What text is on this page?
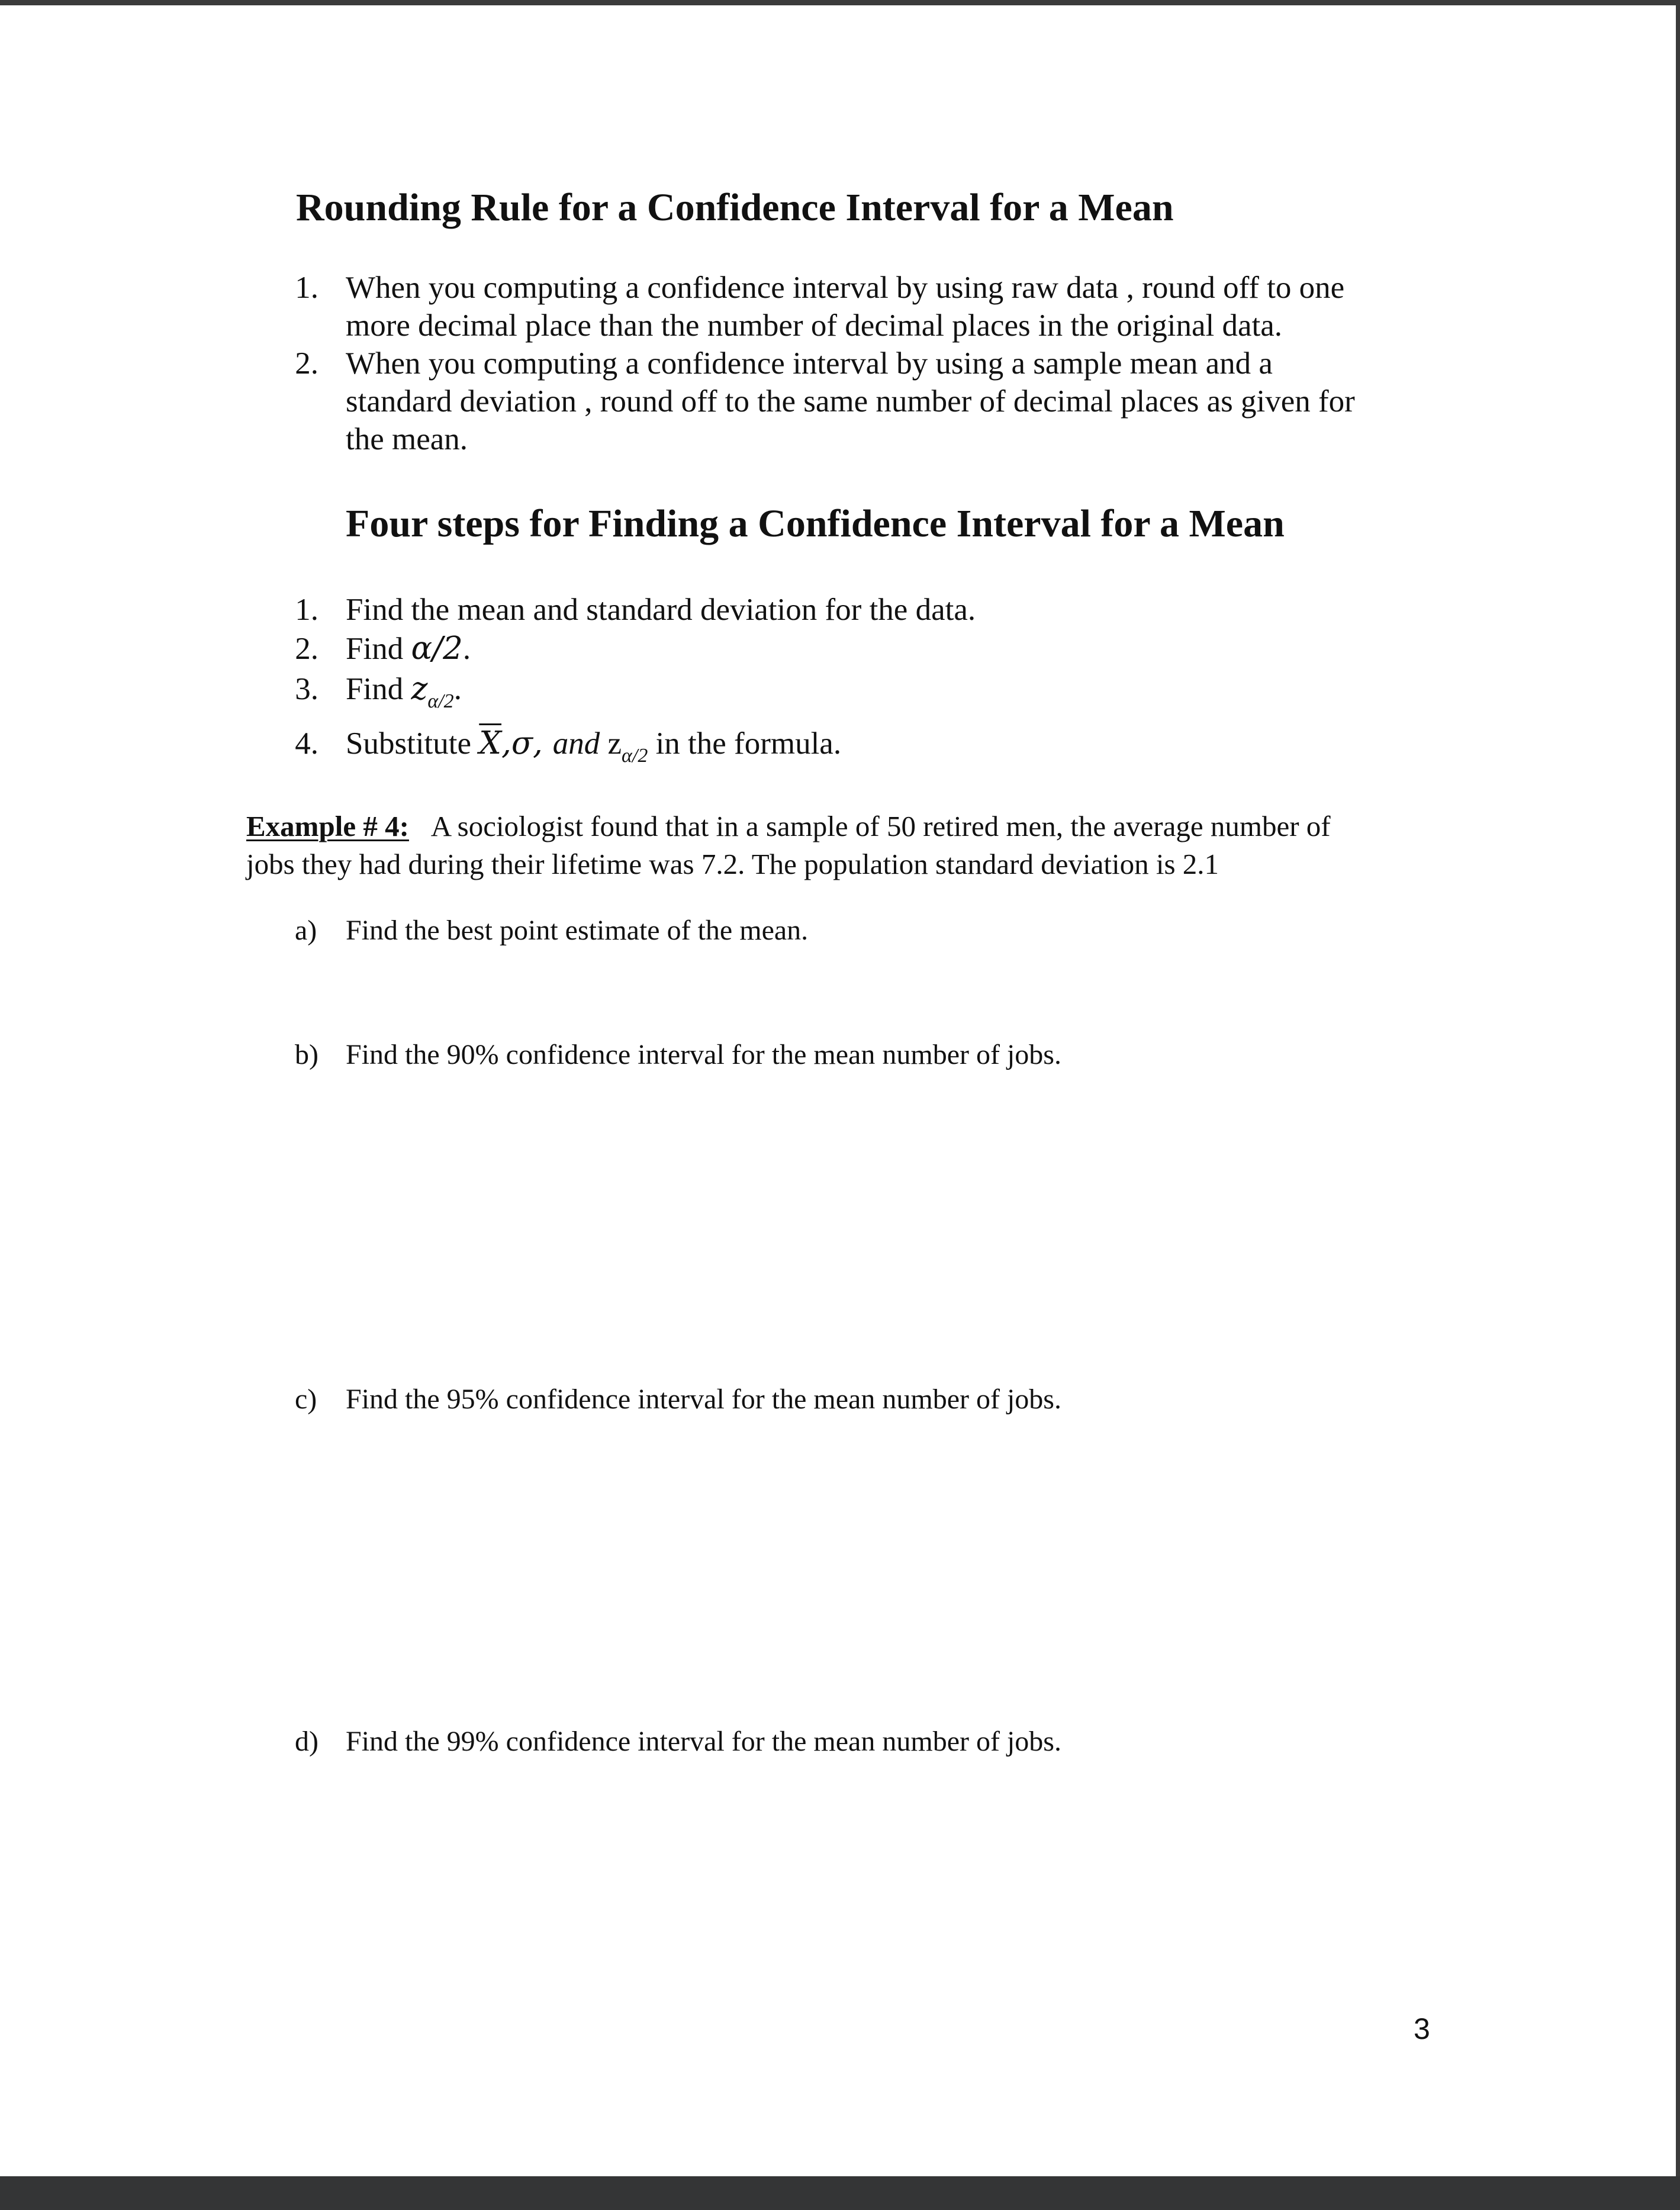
Rounding Rule for a Confidence Interval for a Mean
1. When you computing a confidence interval by using raw data , round off to one
more decimal place than the number of decimal places in the original data.
2. When you computing a confidence interval by using a sample mean and a
standard deviation , round off to the same number of decimal places as given for
the mean.
Four steps for Finding a Confidence Interval for a Mean
1. Find the mean and standard deviation for the data.
2. Find α/2.
3. Find $z_{\alpha/2}$.
4. Substitute $\overline{X},\sigma$, and $z_{\alpha/2}$ in the formula.
Example # 4: A sociologist found that in a sample of 50 retired men, the average number of
jobs they had during their lifetime was 7.2. The population standard deviation is 2.1
a)	Find the best point estimate of the mean.
b) Find the 90% confidence interval for the mean number of jobs.
c)	Find the 95% confidence interval for the mean number of jobs.
d) Find the 99% confidence interval for the mean number of jobs.
3
